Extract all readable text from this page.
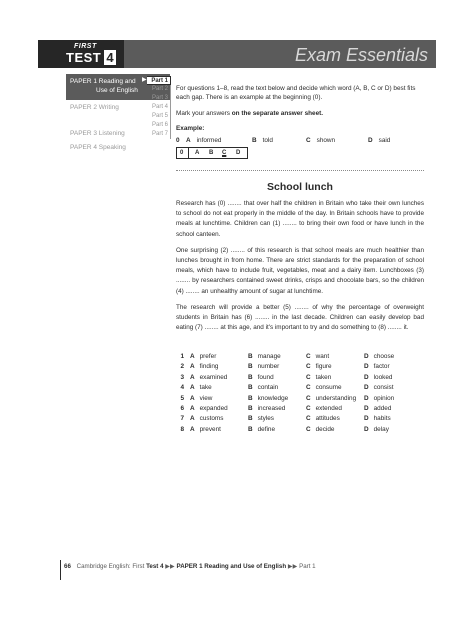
FIRST
TEST 4	Exam Essentials
PAPER 1 Reading and
Use of English
▶
PAPER 2 Writing
PAPER 3 Listening
PAPER 4 Speaking
Part 1
Part 2
Part 3
Part 4
Part 5
Part 6
Part 7

For questions 1–8, read the text below and decide which word (A, B, C or D) best fits each gap. There is an example at the beginning (0).

Mark your answers on the separate answer sheet.

Example:

0	A informed	B told	C shown	D said
0 A B C D
School lunch

Research has (0) ........ that over half the children in Britain who take their own lunches to school do not eat properly in the middle of the day. In Britain schools have to provide meals at lunchtime. Children can (1) ........ to bring their own food or have lunch in the school canteen.

One surprising (2) ........ of this research is that school meals are much healthier than lunches brought in from home. There are strict standards for the preparation of school meals, which have to include fruit, vegetables, meat and a dairy item. Lunchboxes (3) ........ by researchers contained sweet drinks, crisps and chocolate bars, so the children (4) ........ an unhealthy amount of sugar at lunchtime.

The research will provide a better (5) ........ of why the percentage of overweight students in Britain has (6) ........ in the last decade. Children can easily develop bad eating (7) ........ at this age, and it's important to try and do something to (8) ........ it.

1 A prefer	B manage	C want	D choose
2 A finding	B number	C figure	D factor
3 A examined	B found	C taken	D looked
4 A take	B contain	C consume	D consist
5 A view	B knowledge	C understanding	D opinion
6 A expanded	B increased	C extended	D added
7 A customs	B styles	C attitudes	D habits
8 A prevent	B define	C decide	D delay
66 Cambridge English: First Test 4 ▶▶ PAPER 1 Reading and Use of English ▶▶ Part 1
